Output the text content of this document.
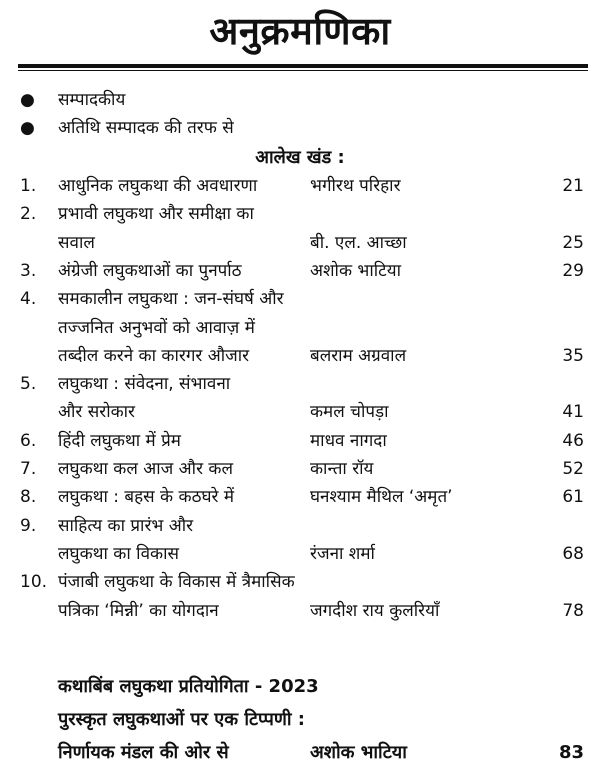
अनुक्रमणिका
● सम्पादकीय
● अतिथि सम्पादक की तरफ से
आलेख खंड :
1. आधुनिक लघुकथा की अवधारणा	भगीरथ परिहार	21
2. प्रभावी लघुकथा और समीक्षा का
सवाल	बी. एल. आच्छा	25
3. अंग्रेजी लघुकथाओं का पुनर्पाठ	अशोक भाटिया	29
4. समकालीन लघुकथा : जन-संघर्ष और
तज्जनित अनुभवों को आवाज़ में
तब्दील करने का कारगर औजार	बलराम अग्रवाल	35
5. लघुकथा : संवेदना, संभावना
और सरोकार	कमल चोपड़ा	41
6. हिंदी लघुकथा में प्रेम	माधव नागदा	46
7. लघुकथा कल आज और कल	कान्ता रॉय	52
8. लघुकथा : बहस के कठघरे में	घनश्याम मैथिल ‘अमृत’	61
9. साहित्य का प्रारंभ और
लघुकथा का विकास	रंजना शर्मा	68
10. पंजाबी लघुकथा के विकास में त्रैमासिक
पत्रिका ‘मिन्नी’ का योगदान	जगदीश राय कुलरियाँ	78
कथाबिंब लघुकथा प्रतियोगिता - 2023
पुरस्कृत लघुकथाओं पर एक टिप्पणी :
निर्णायक मंडल की ओर से	अशोक भाटिया	83
